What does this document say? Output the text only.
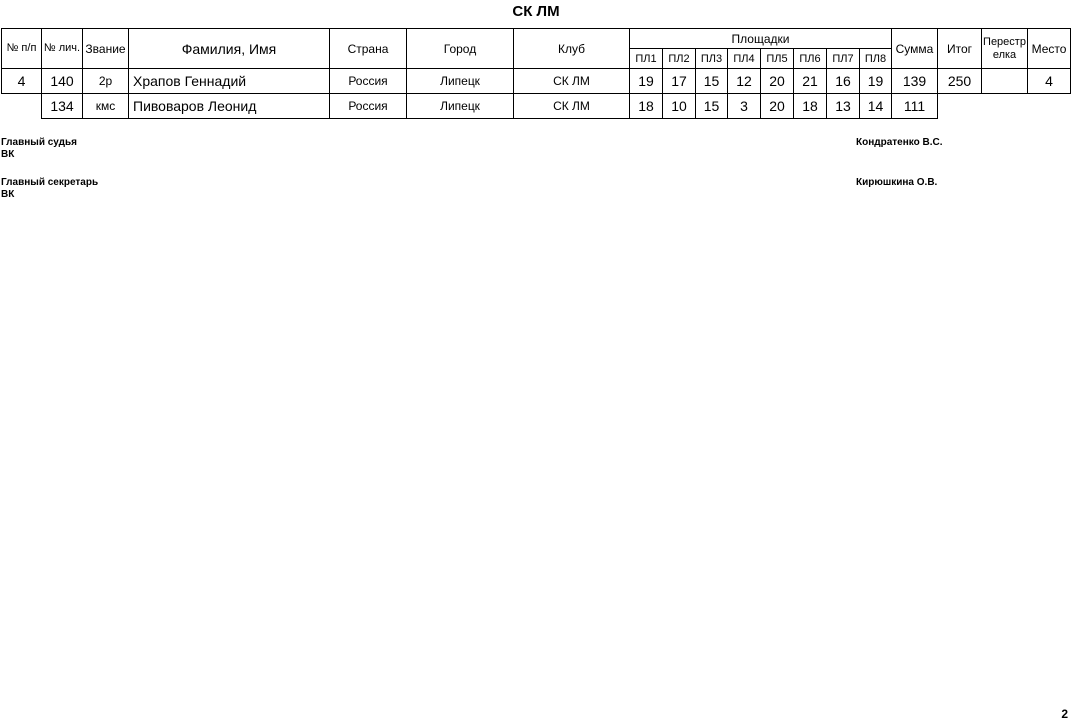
СК ЛМ
№ п/п	№ лич.	Звание	Фамилия, Имя	Страна	Город	Клуб	Площадки								Сумма	Итог	Перестрелка	Место
							ПЛ1	ПЛ2	ПЛ3	ПЛ4	ПЛ5	ПЛ6	ПЛ7	ПЛ8				
4	140	2р	Храпов Геннадий	Россия	Липецк	СК ЛМ	19	17	15	12	20	21	16	19	139	250		4
	134	кмс	Пивоваров Леонид	Россия	Липецк	СК ЛМ	18	10	15	3	20	18	13	14	111			
Главный судья
ВК
Кондратенко В.С.
Главный секретарь
ВК
Кирюшкина О.В.
2
